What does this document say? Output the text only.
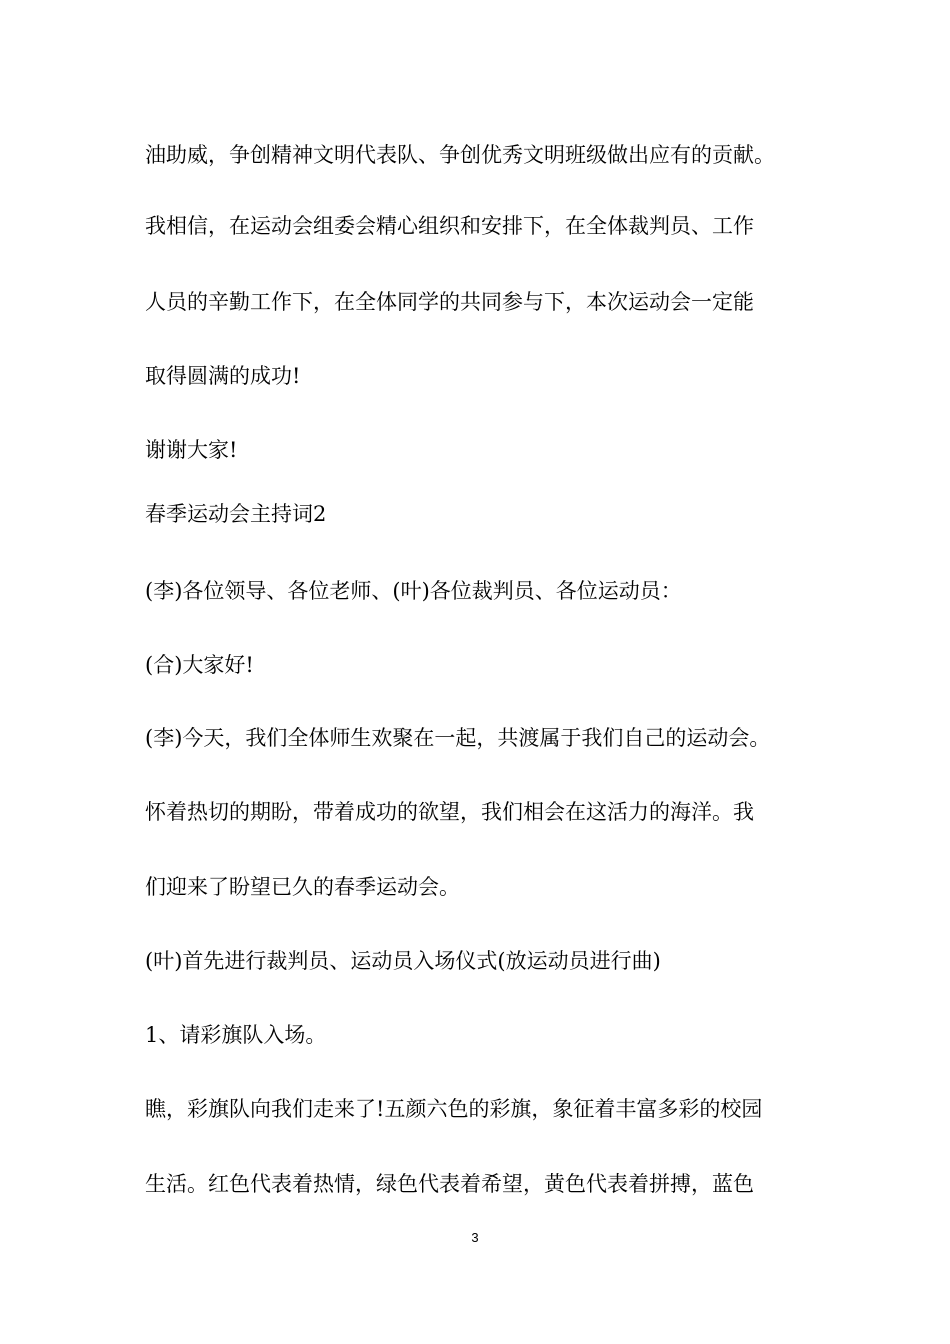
油助威，争创精神文明代表队、争创优秀文明班级做出应有的贡献。

我相信，在运动会组委会精心组织和安排下，在全体裁判员、工作

人员的辛勤工作下，在全体同学的共同参与下，本次运动会一定能

取得圆满的成功!

谢谢大家!

春季运动会主持词2

(李)各位领导、各位老师、(叶)各位裁判员、各位运动员：

(合)大家好!

(李)今天，我们全体师生欢聚在一起，共渡属于我们自己的运动会。

怀着热切的期盼，带着成功的欲望，我们相会在这活力的海洋。我

们迎来了盼望已久的春季运动会。

(叶)首先进行裁判员、运动员入场仪式(放运动员进行曲)

1、请彩旗队入场。

瞧，彩旗队向我们走来了!五颜六色的彩旗，象征着丰富多彩的校园

生活。红色代表着热情，绿色代表着希望，黄色代表着拼搏，蓝色

3
